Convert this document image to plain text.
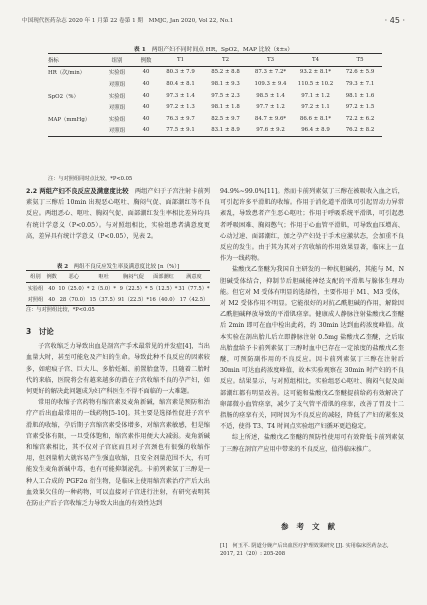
中国现代医药杂志 2020 年 1 月第 22 卷第 1 期　MMJC, Jan 2020, Vol 22, No.1	· 45 ·
表 1 两组产妇不同时间点 HR，SpO2，MAP 比较（x̄±s）
指标	组别	例数	T1	T2	T3	T4	T5
HR（次/min）	实验组	40	80.3 ± 7.9	85.2 ± 8.8	87.3 ± 7.2*	93.2 ± 8.1*	72.6 ± 5.9
	对照组	40	80.4 ± 8.1	98.1 ± 9.3	109.3 ± 9.4	110.5 ± 10.2	79.3 ± 7.1
SpO2（%）	实验组	40	97.3 ± 1.4	97.5 ± 2.3	98.5 ± 1.4	97.1 ± 1.2	98.1 ± 1.6
	对照组	40	97.2 ± 1.3	98.1 ± 1.8	97.7 ± 1.2	97.2 ± 1.1	97.2 ± 1.5
MAP（mmHg）	实验组	40	76.3 ± 9.7	82.5 ± 9.7	84.7 ± 9.6*	86.6 ± 8.1*	72.2 ± 6.2
	对照组	40	77.5 ± 9.1	83.1 ± 8.9	97.6 ± 9.2	96.4 ± 8.9	76.2 ± 8.2
注：与对照组同时点比较，*P<0.05

2.2 两组产妇不良反应及满意度比较　 两组产妇于子宫注射卡前列素氨丁三醇后 10min 出现恶心呕吐、胸闷气促、面部潮红等不良反应。两组恶心、呕吐、胸闷气促、面部潮红发生率相比差异均具有统计学意义（P<0.05）。与对照组相比，实验组患者满意度更高，差异具有统计学意义（P<0.05），见表 2。

表 2　 两组不良反应发生率及满意度比较 [n（%）]
组别	例数	恶心	呕吐	胸闷气促	面部潮红	满意度
实验组	40	10（25.0）*	2（5.0）*	9（22.5）*	5（12.5）*	31（77.5）*
对照组	40	28（70.0）	15（37.5）	91（22.5）*	16（40.0）	17（42.5）
注：与对照组比较，*P<0.05

3　讨论

子宫收缩乏力导致出血是剖宫产手术最常见的并发症[4]，当出血量大时，甚至可能危及产妇的生命。导致此种不良反应的因素较多，如疤痕子宫、巨大儿、多胎妊娠、前置胎盘等，且随着二胎时代的来临，医院将会有越来越多的潜在子宫收缩不良的孕产妇，如何更好的解决此问题成为妇产科医生不得不面临的一大难题。

常用的收缩子宫药物有缩宫素及麦角新碱，缩宫素是预防和治疗产后出血最常用的一线药物[5-10]。其主要是选择性促进子宫平滑肌的收缩，孕后期子宫缩宫素受体增多，对缩宫素敏感，但是缩宫素受体有限，一旦受体饱和，缩宫素作用便大大减弱。麦角新碱和缩宫素相比，其不仅对子宫底而且对子宫颈也有很强的收缩作用，但剂量稍大就容易产生强直收缩，且安全剂量范围不大，有可能发生麦角新碱中毒，也有可能抑制泌乳。卡前列素氨丁三醇是一种人工合成的 PGF2α 衍生物，是临床上使用缩宫素治疗产后大出血效果欠佳的一种药物，可以直接对子宫进行注射，有研究表明其在防止产后子宫收缩乏力导致大出血的有效性达到

94.9%~99.0%[11]。然而卡前列素氨丁三醇在被吸收入血之后，可引起许多平滑肌的收缩。作用于消化道平滑肌可引起胃动力异常紊乱，导致患者产生恶心呕吐；作用于呼吸系统平滑肌，可引起患者呼吸困难、胸闷憋气；作用于心血管平滑肌，可导致血压增高、心动过速、面部潮红，加之孕产妇处于手术应激状态，会加重不良反应的发生。由于其为其对子宫收缩的作用效果显著，临床上一直作为一线药物。

盐酸戊乙奎醚为我国自主研发的一种抗胆碱药，其能与 M、N 胆碱受体结合，抑制节后胆碱能神经支配的平滑肌与腺体生理功能。但它对 M 受体有明显的选择性，主要作用于 M1、M3 受体，对 M2 受体作用不明显。它能很好的对抗乙酰胆碱的作用，解除因乙酰胆碱释放导致的平滑肌痉挛。健康成人静脉注射盐酸戊乙奎醚后 2min 即可在血中检出此药，约 30min 达到血药浓度峰值。故本实验在剖出胎儿后立即静脉注射 0.5mg 盐酸戊乙奎醚，之后取出胎盘给予卡前列素氨丁三醇时血中已存在一定浓度的盐酸戊乙奎醚，可预防副作用的不良反应。因卡前列素氨丁三醇在注射后 30min 可达血药浓度峰值，故本实验观察在 30min 时产妇的不良反应。结果显示，与对照组相比，实验组恶心呕吐、胸闷气促及面部潮红都有明显改善。这可能和盐酸戊乙奎醚提前给药有效解决了卵部微小血管痉挛，减少了支气管平滑肌的痉挛，改善了胃及十二指肠的痉挛有关，同时因为不良反应的减轻，降低了产妇的紧张及不适，使得 T3、T4 时间点实验组产妇循环更趋稳定。

综上所述，盐酸戊乙奎醚的预防性使用可有效降低卡前列素氨丁三醇在剖宫产应用中带来的不良反应，值得临床推广。

参考文献
[1]　何玉平. 阴道分娩产后出血医疗护理效果研究 [J]. 实用临床医药杂志, 2017, 21（20）: 205-208
